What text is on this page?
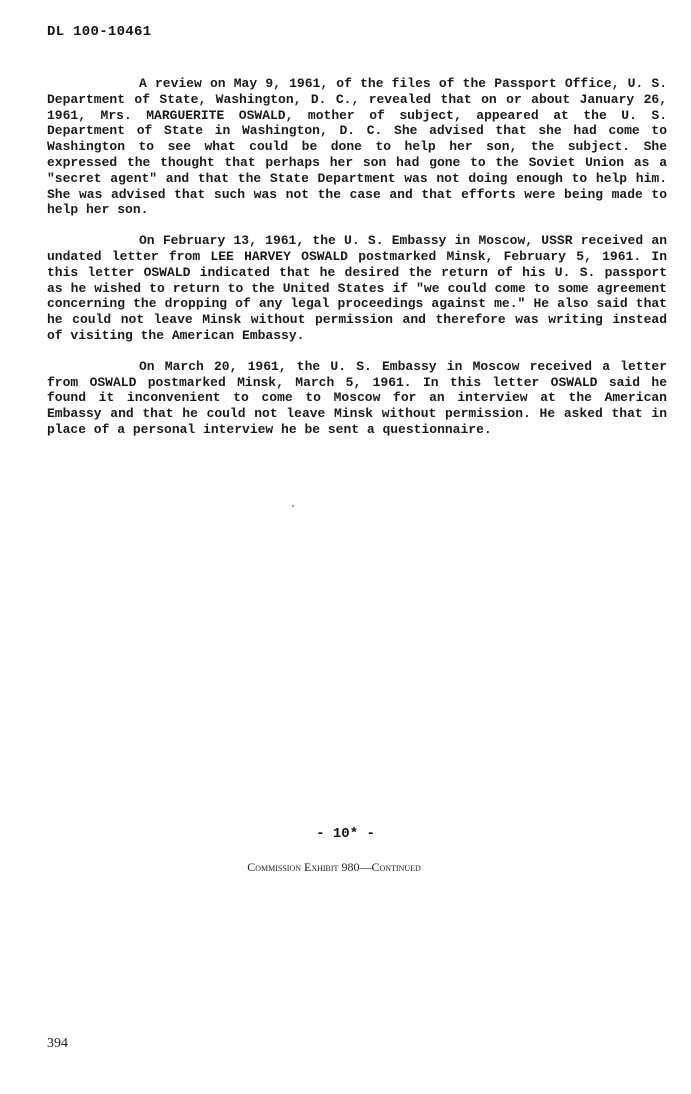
DL 100-10461

A review on May 9, 1961, of the files of the Passport Office, U. S. Department of State, Washington, D. C., revealed that on or about January 26, 1961, Mrs. MARGUERITE OSWALD, mother of subject, appeared at the U. S. Department of State in Washington, D. C. She advised that she had come to Washington to see what could be done to help her son, the subject. She expressed the thought that perhaps her son had gone to the Soviet Union as a "secret agent" and that the State Department was not doing enough to help him. She was advised that such was not the case and that efforts were being made to help her son.

On February 13, 1961, the U. S. Embassy in Moscow, USSR received an undated letter from LEE HARVEY OSWALD postmarked Minsk, February 5, 1961. In this letter OSWALD indicated that he desired the return of his U. S. passport as he wished to return to the United States if "we could come to some agreement concerning the dropping of any legal proceedings against me." He also said that he could not leave Minsk without permission and therefore was writing instead of visiting the American Embassy.

On March 20, 1961, the U. S. Embassy in Moscow received a letter from OSWALD postmarked Minsk, March 5, 1961. In this letter OSWALD said he found it inconvenient to come to Moscow for an interview at the American Embassy and that he could not leave Minsk without permission. He asked that in place of a personal interview he be sent a questionnaire.

- 10* -
Commission Exhibit 980—Continued
394
